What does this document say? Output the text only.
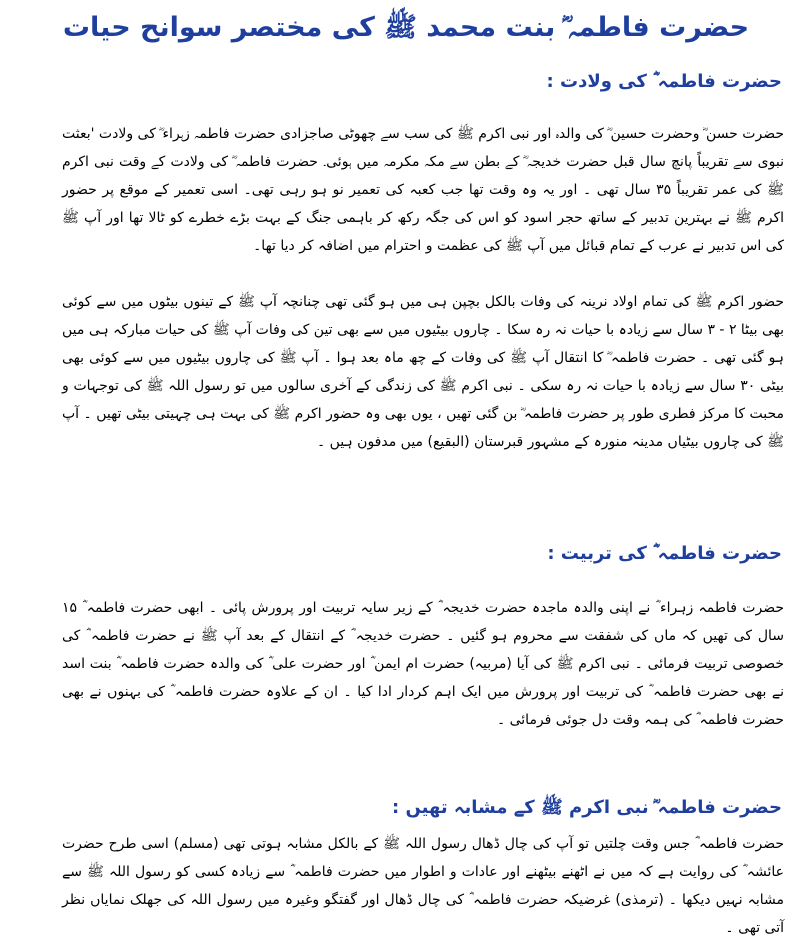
حضرت فاطمہ ؓ بنت محمد ﷺ کی مختصر سوانح حیات
حضرت فاطمہ ؓ کی ولادت :

حضرت حسن ؓ وحضرت حسین ؓ کی والدہ اور نبی اکرم ﷺ کی سب سے چھوٹی صاجزادی حضرت فاطمہ زہراء ؓ کی ولادت 'بعثت نبوی سے تقریباً پانچ سال قبل حضرت خدیجہ ؓ کے بطن سے مکہ مکرمہ میں ہوئی۔ حضرت فاطمہ ؓ کی ولادت کے وقت نبی اکرم ﷺ کی عمر تقریباً ۳۵ سال تھی ۔ اور یہ وہ وقت تھا جب کعبہ کی تعمیر نو ہو رہی تھی۔ اسی تعمیر کے موقع پر حضور اکرم ﷺ نے بہترین تدبیر کے ساتھ حجر اسود کو اس کی جگہ رکھ کر باہمی جنگ کے بہت بڑے خطرے کو ٹالا تھا اور آپ ﷺ کی اس تدبیر نے عرب کے تمام قبائل میں آپ ﷺ کی عظمت و احترام میں اضافہ کر دیا تھا۔

حضور اکرم ﷺ کی تمام اولاد نرینہ کی وفات بالکل بچپن ہی میں ہو گئی تھی چنانچہ آپ ﷺ کے تینوں بیٹوں میں سے کوئی بھی بیٹا ۲ - ۳ سال سے زیادہ با حیات نہ رہ سکا ۔ چاروں بیٹیوں میں سے بھی تین کی وفات آپ ﷺ کی حیات مبارکہ ہی میں ہو گئی تھی ۔ حضرت فاطمہ ؓ کا انتقال آپ ﷺ کی وفات کے چھ ماہ بعد ہوا ۔ آپ ﷺ کی چاروں بیٹیوں میں سے کوئی بھی بیٹی ۳۰ سال سے زیادہ با حیات نہ رہ سکی ۔ نبی اکرم ﷺ کی زندگی کے آخری سالوں میں تو رسول اللہ ﷺ کی توجہات و محبت کا مرکز فطری طور پر حضرت فاطمہ ؓ بن گئی تھیں ، یوں بھی وہ حضور اکرم ﷺ کی بہت ہی چہیتی بیٹی تھیں ۔ آپ ﷺ کی چاروں بیٹیاں مدینہ منورہ کے مشہور قبرستان (البقیع) میں مدفون ہیں ۔

حضرت فاطمہ ؓ کی تربیت :

حضرت فاطمہ زہراء ؓ نے اپنی والدہ ماجدہ حضرت خدیجہ ؓ کے زیر سایہ تربیت اور پرورش پائی ۔ ابھی حضرت فاطمہ ؓ ۱۵ سال کی تھیں کہ ماں کی شفقت سے محروم ہو گئیں ۔ حضرت خدیجہ ؓ کے انتقال کے بعد آپ ﷺ نے حضرت فاطمہ ؓ کی خصوصی تربیت فرمائی ۔ نبی اکرم ﷺ کی آیا (مربیہ) حضرت ام ایمن ؓ اور حضرت علی ؓ کی والدہ حضرت فاطمہ ؓ بنت اسد نے بھی حضرت فاطمہ ؓ کی تربیت اور پرورش میں ایک اہم کردار ادا کیا ۔ ان کے علاوہ حضرت فاطمہ ؓ کی بہنوں نے بھی حضرت فاطمہ ؓ کی ہمہ وقت دل جوئی فرمائی ۔

حضرت فاطمہ ؓ نبی اکرم ﷺ کے مشابہ تھیں :

حضرت فاطمہ ؓ جس وقت چلتیں تو آپ کی چال ڈھال رسول اللہ ﷺ کے بالکل مشابہ ہوتی تھی (مسلم) اسی طرح حضرت عائشہ ؓ کی روایت ہے کہ میں نے اٹھنے بیٹھنے اور عادات و اطوار میں حضرت فاطمہ ؓ سے زیادہ کسی کو رسول اللہ ﷺ سے مشابہ نہیں دیکھا ۔ (ترمذی) غرضیکہ حضرت فاطمہ ؓ کی چال ڈھال اور گفتگو وغیرہ میں رسول اللہ کی جھلک نمایاں نظر آتی تھی ۔
